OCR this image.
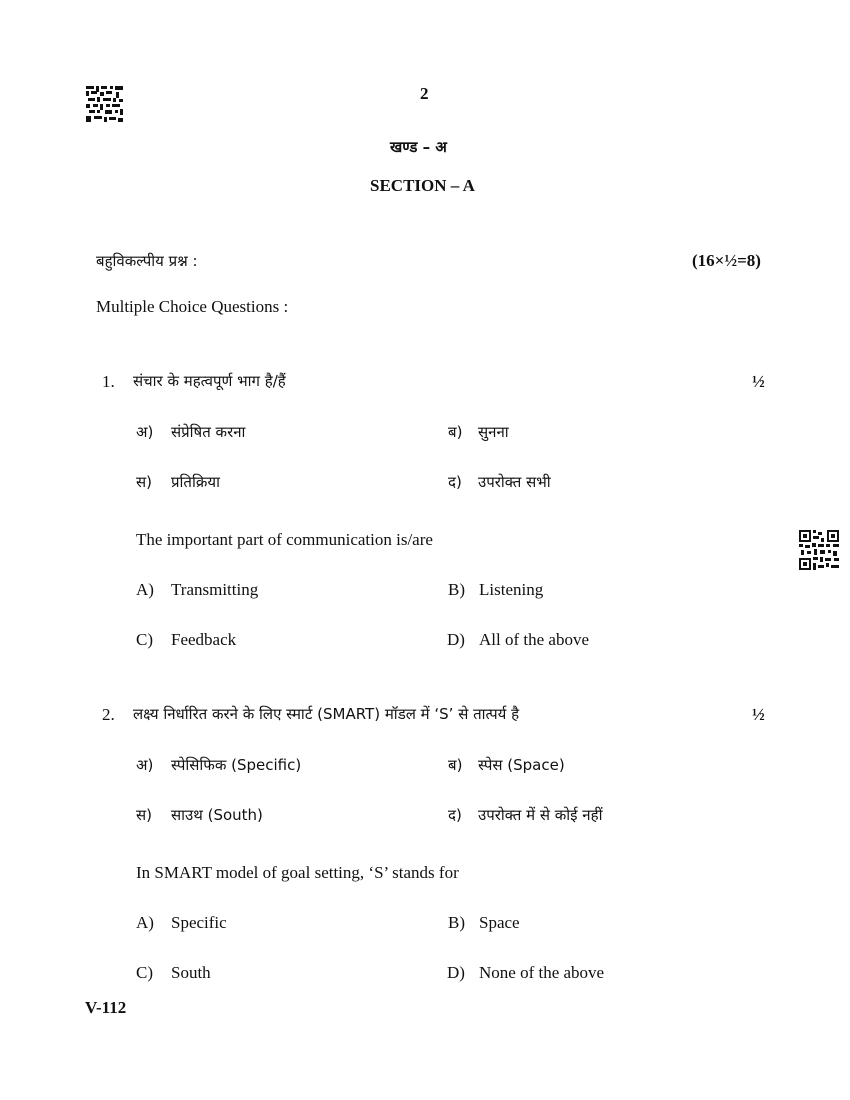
2
खण्ड – अ
SECTION – A
बहुविकल्पीय प्रश्न :	(16×½=8)
Multiple Choice Questions :
1. संचार के महत्वपूर्ण भाग है/हैं	½
अ) संप्रेषित करना	ब) सुनना
स) प्रतिक्रिया	द) उपरोक्त सभी
The important part of communication is/are
A) Transmitting	B) Listening
C) Feedback	D) All of the above
2. लक्ष्य निर्धारित करने के लिए स्मार्ट (SMART) मॉडल में ‘S’ से तात्पर्य है	½
अ) स्पेसिफिक (Specific)	ब) स्पेस (Space)
स) साउथ (South)	द) उपरोक्त में से कोई नहीं
In SMART model of goal setting, ‘S’ stands for
A) Specific	B) Space
C) South	D) None of the above
V-112
